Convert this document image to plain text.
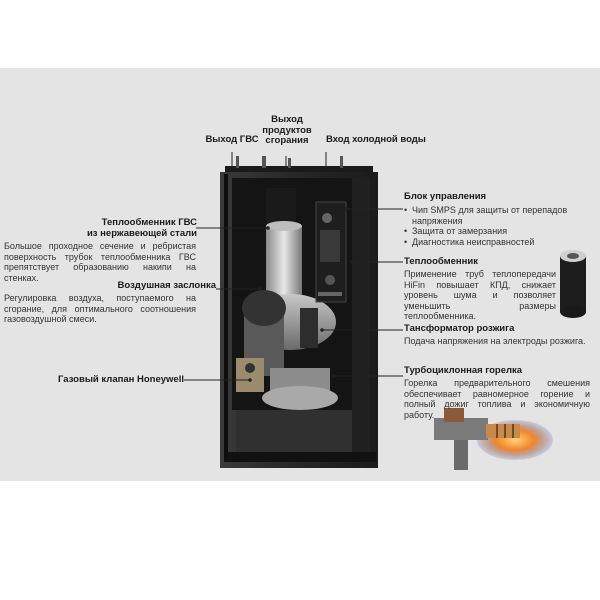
Выход ГВС
Выход
продуктов
сгорания	Вход холодной воды
Теплообменник ГВС
из нержавеющей стали
Большое проходное сечение и ребристая поверхность трубок теплообменника ГВС препятствует образованию накипи на стенках.
Воздушная заслонка
Регулировка воздуха, поступаемого на сгорание, для оптимального соотношения газовоздушной смеси.
Газовый клапан Honeywell
Блок управления
• Чип SMPS для защиты от перепадов напряжения
• Защита от замерзания
• Диагностика неисправностей
Теплообменник
Применение труб теплопередачи HiFin повышает КПД, снижает уровень шума и позволяет уменьшить размеры теплообменника.
Тансформатор розжига
Подача напряжения на электроды розжига.
Турбоциклонная горелка
Горелка предварительного смешения обеспечивает равномерное горение и полный дожиг топлива и экономичную работу.
